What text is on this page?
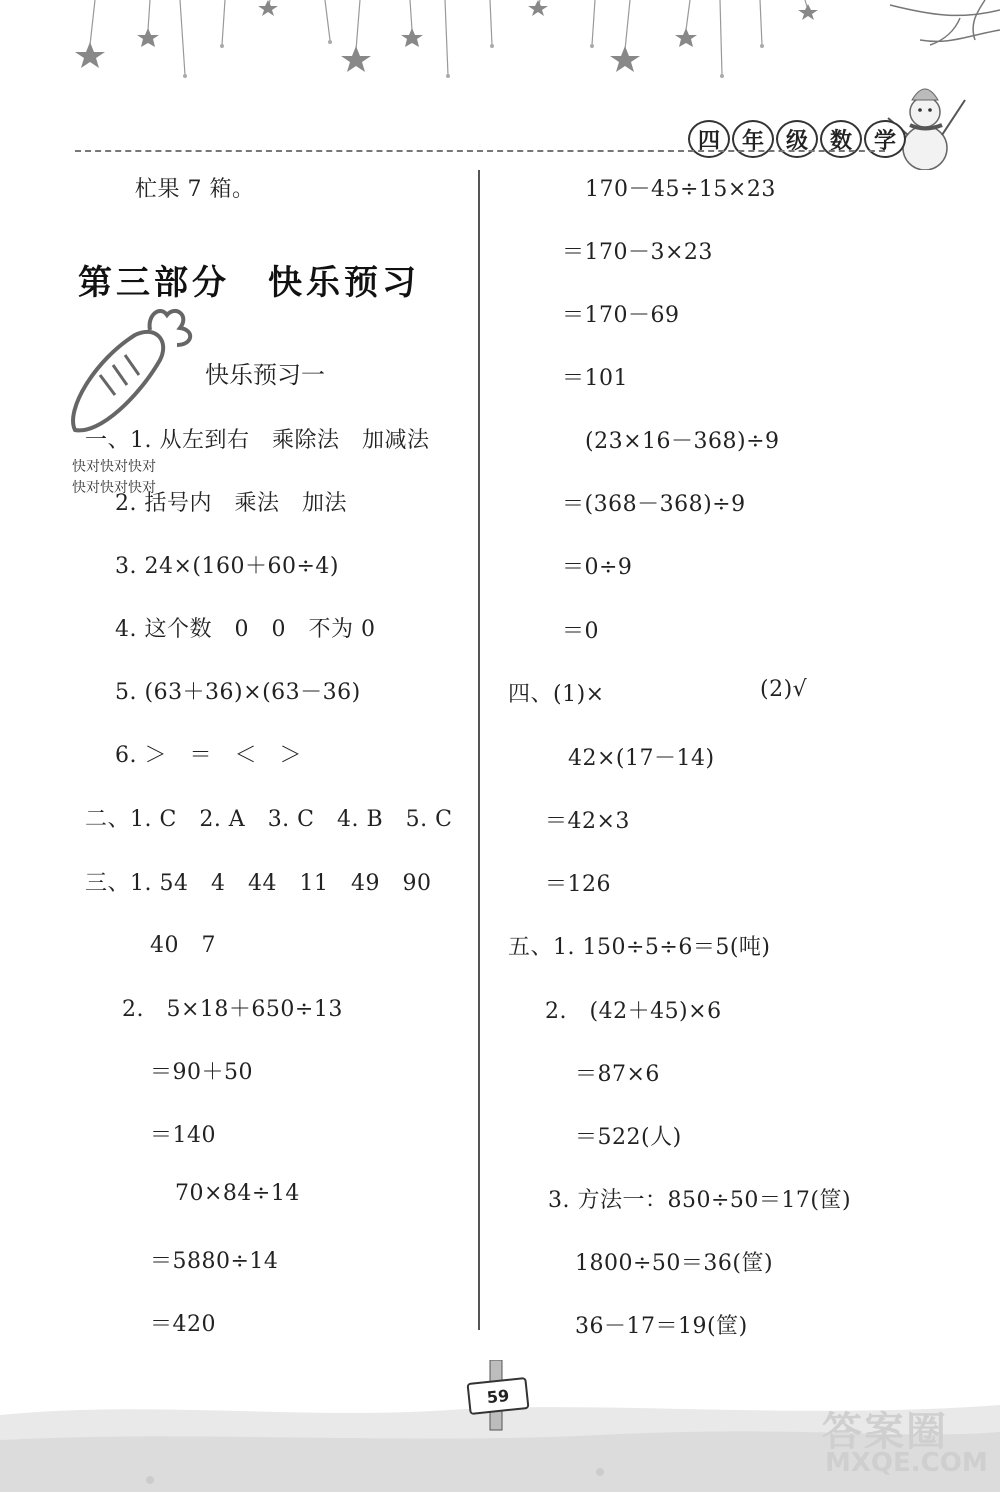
四 年 级 数 学
杧果 7 箱。
第三部分　快乐预习
快乐预习一
一、1. 从左到右　乘除法　加减法
快对快对快对
快对快对快对
2. 括号内　乘法　加法
3. 24×(160＋60÷4)
4. 这个数　0　0　不为 0
5. (63＋36)×(63－36)
6. ＞　＝　＜　＞
二、1. C　2. A　3. C　4. B　5. C
三、1. 54　4　44　11　49　90
40　7
2.　5×18＋650÷13
＝90＋50
＝140
70×84÷14
＝5880÷14
＝420
170－45÷15×23
＝170－3×23
＝170－69
＝101
(23×16－368)÷9
＝(368－368)÷9
＝0÷9
＝0
四、(1)×	(2)√
42×(17－14)
＝42×3
＝126
五、1. 150÷5÷6＝5(吨)
2.　(42＋45)×6
＝87×6
＝522(人)
3. 方法一：850÷50＝17(筐)
1800÷50＝36(筐)
36－17＝19(筐)
59
答案圈
MXQE.COM
